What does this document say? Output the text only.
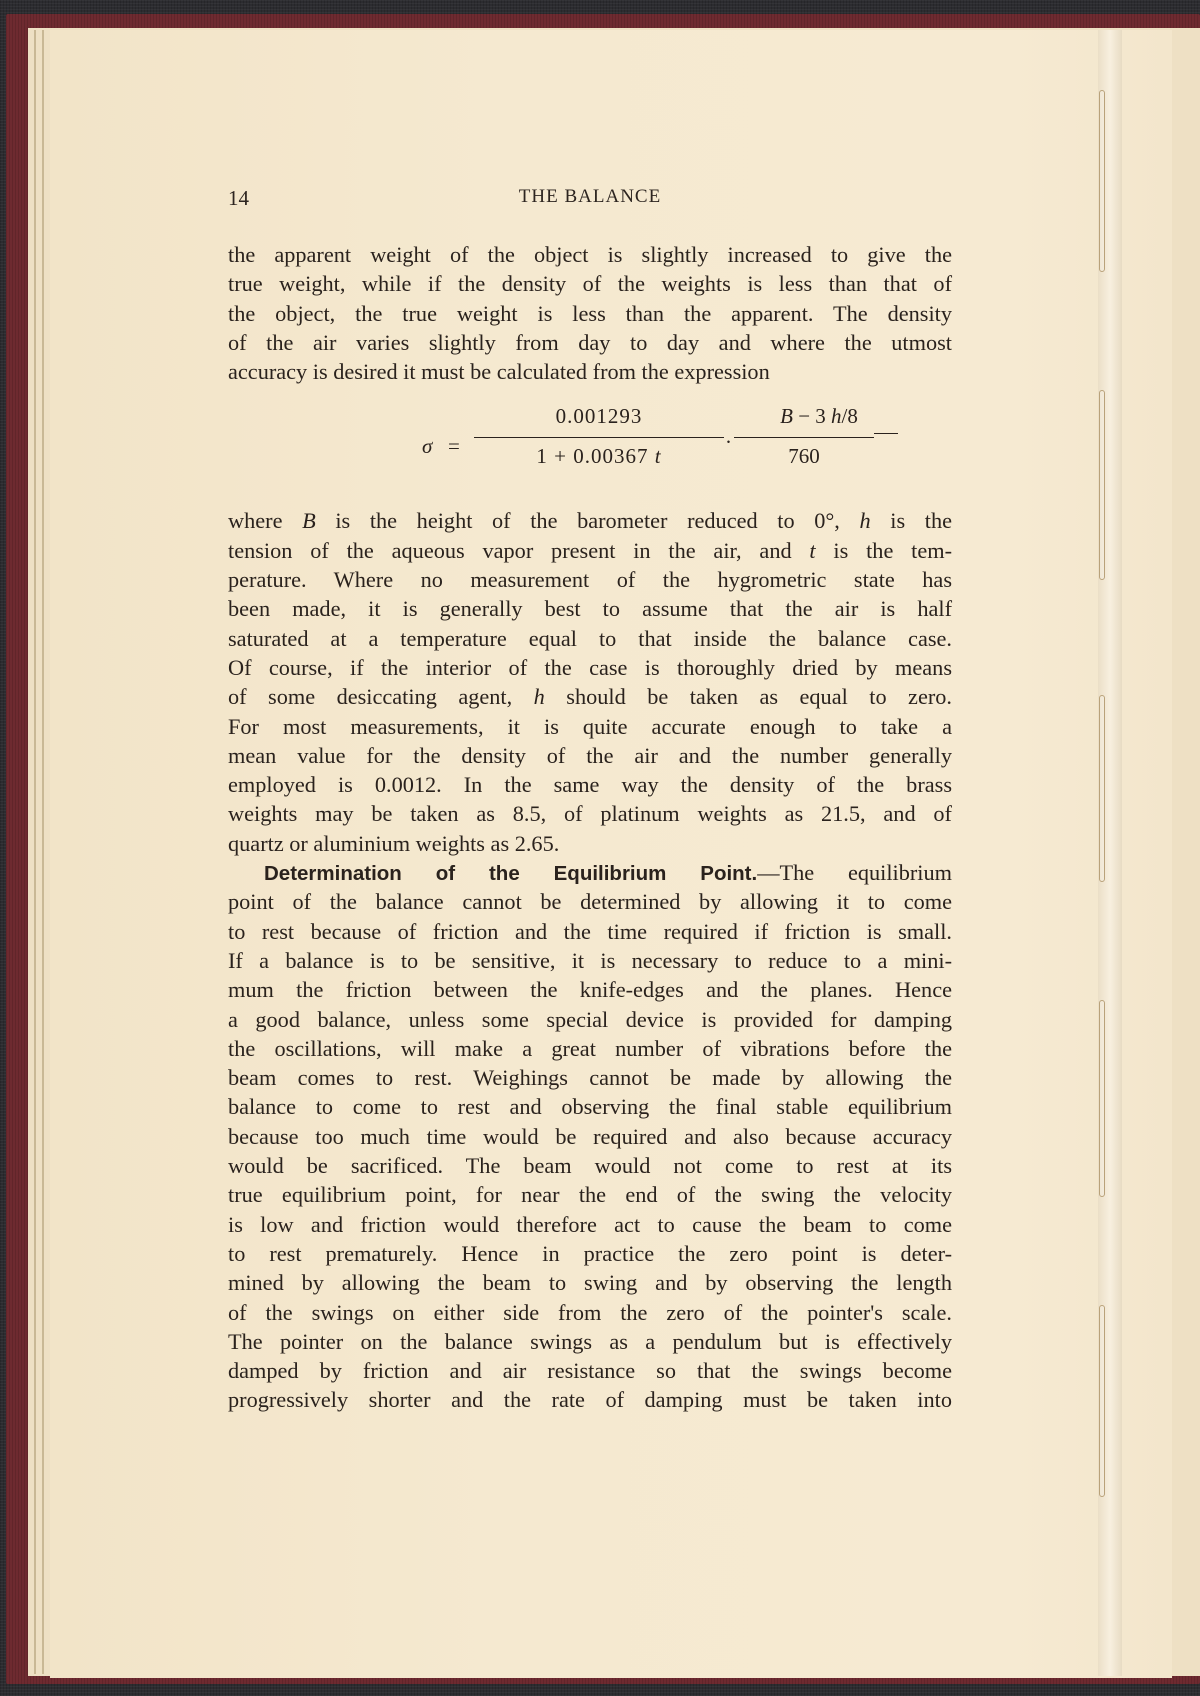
14	THE BALANCE
the apparent weight of the object is slightly increased to give the
true weight, while if the density of the weights is less than that of
the object, the true weight is less than the apparent. The density
of the air varies slightly from day to day and where the utmost
accuracy is desired it must be calculated from the expression
σ =
0.001293
1 + 0.00367 t
·
B − 3 h/8
760
where B is the height of the barometer reduced to 0°, h is the
tension of the aqueous vapor present in the air, and t is the tem-
perature. Where no measurement of the hygrometric state has
been made, it is generally best to assume that the air is half
saturated at a temperature equal to that inside the balance case.
Of course, if the interior of the case is thoroughly dried by means
of some desiccating agent, h should be taken as equal to zero.
For most measurements, it is quite accurate enough to take a
mean value for the density of the air and the number generally
employed is 0.0012. In the same way the density of the brass
weights may be taken as 8.5, of platinum weights as 21.5, and of
quartz or aluminium weights as 2.65.
Determination of the Equilibrium Point.—The equilibrium
point of the balance cannot be determined by allowing it to come
to rest because of friction and the time required if friction is small.
If a balance is to be sensitive, it is necessary to reduce to a mini-
mum the friction between the knife-edges and the planes. Hence
a good balance, unless some special device is provided for damping
the oscillations, will make a great number of vibrations before the
beam comes to rest. Weighings cannot be made by allowing the
balance to come to rest and observing the final stable equilibrium
because too much time would be required and also because accuracy
would be sacrificed. The beam would not come to rest at its
true equilibrium point, for near the end of the swing the velocity
is low and friction would therefore act to cause the beam to come
to rest prematurely. Hence in practice the zero point is deter-
mined by allowing the beam to swing and by observing the length
of the swings on either side from the zero of the pointer's scale.
The pointer on the balance swings as a pendulum but is effectively
damped by friction and air resistance so that the swings become
progressively shorter and the rate of damping must be taken into
